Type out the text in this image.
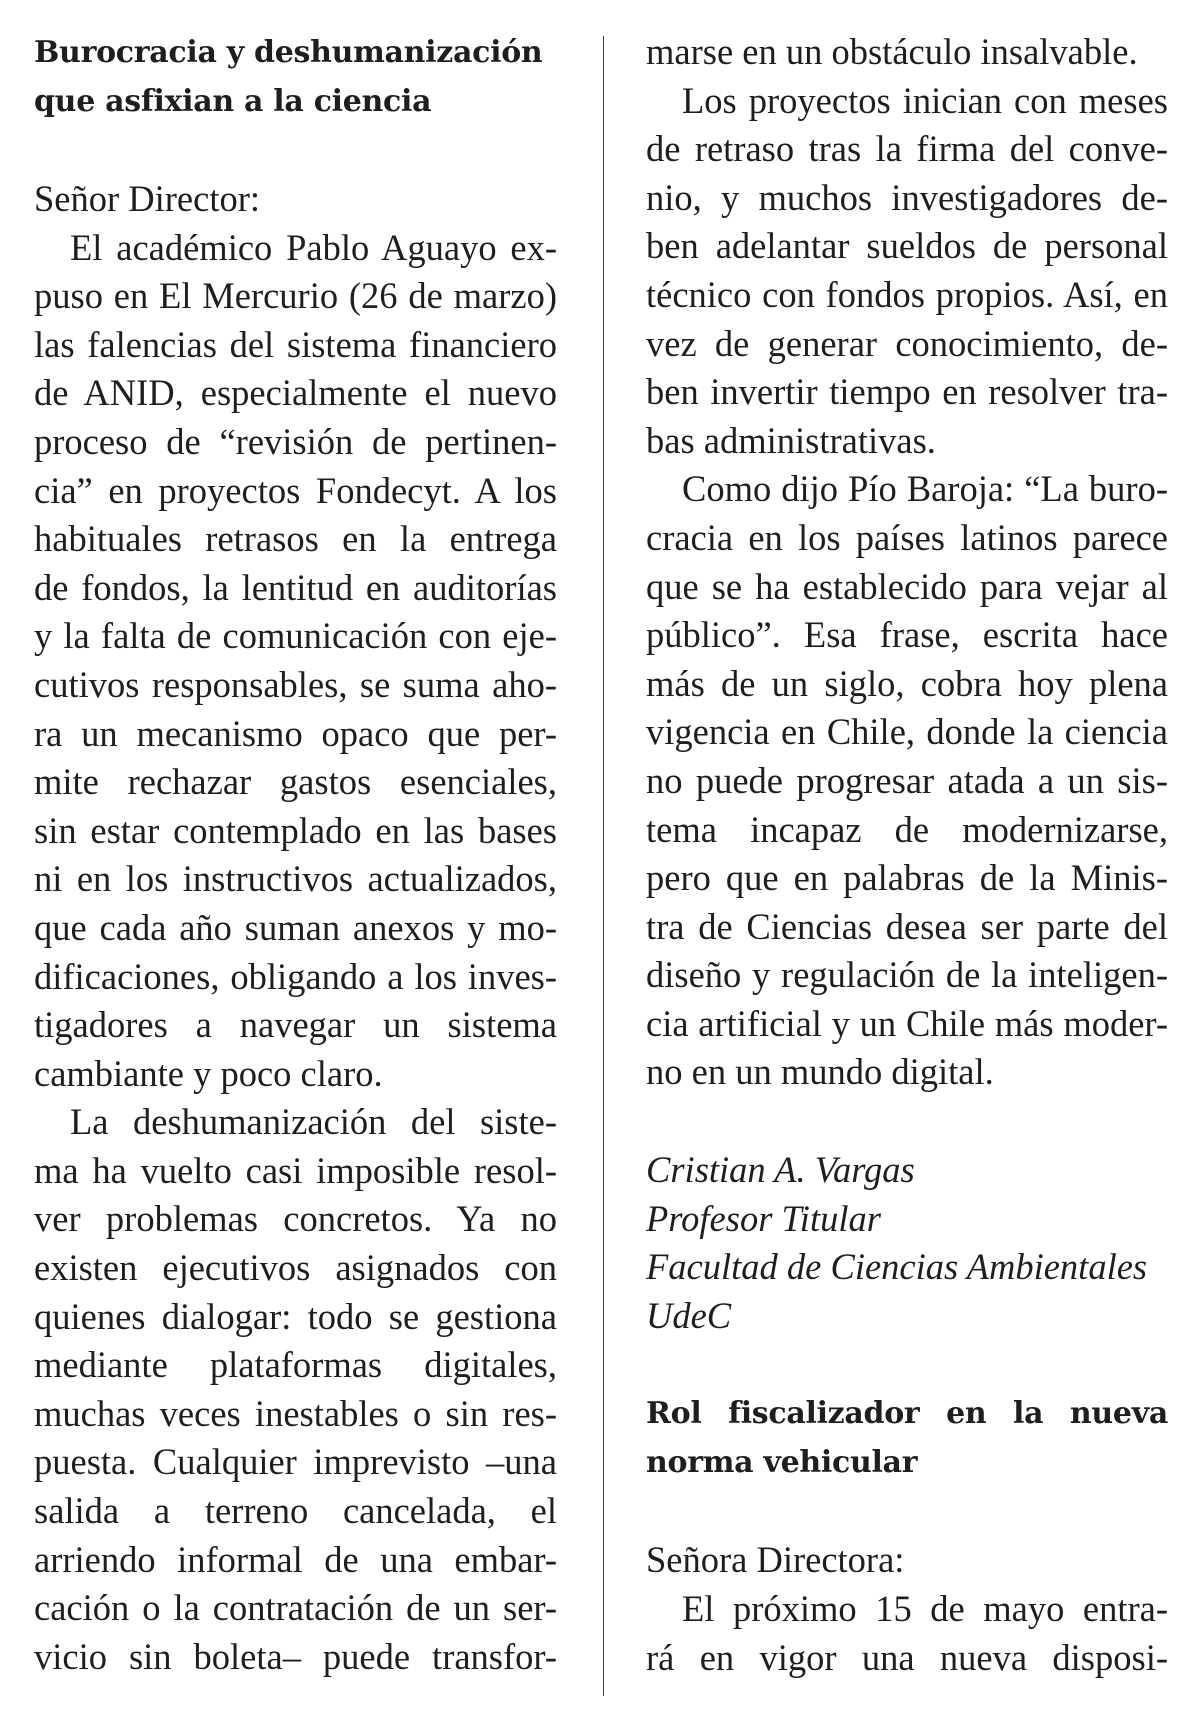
Burocracia y deshumanización
que asfixian a la ciencia

Señor Director:

El académico Pablo Aguayo ex-
puso en El Mercurio (26 de marzo)
las falencias del sistema financiero
de ANID, especialmente el nuevo
proceso de “revisión de pertinen-
cia” en proyectos Fondecyt. A los
habituales retrasos en la entrega
de fondos, la lentitud en auditorías
y la falta de comunicación con eje-
cutivos responsables, se suma aho-
ra un mecanismo opaco que per-
mite rechazar gastos esenciales,
sin estar contemplado en las bases
ni en los instructivos actualizados,
que cada año suman anexos y mo-
dificaciones, obligando a los inves-
tigadores a navegar un sistema
cambiante y poco claro.

La deshumanización del siste-
ma ha vuelto casi imposible resol-
ver problemas concretos. Ya no
existen ejecutivos asignados con
quienes dialogar: todo se gestiona
mediante plataformas digitales,
muchas veces inestables o sin res-
puesta. Cualquier imprevisto –una
salida a terreno cancelada, el
arriendo informal de una embar-
cación o la contratación de un ser-
vicio sin boleta– puede transfor-

marse en un obstáculo insalvable.

Los proyectos inician con meses
de retraso tras la firma del conve-
nio, y muchos investigadores de-
ben adelantar sueldos de personal
técnico con fondos propios. Así, en
vez de generar conocimiento, de-
ben invertir tiempo en resolver tra-
bas administrativas.

Como dijo Pío Baroja: “La buro-
cracia en los países latinos parece
que se ha establecido para vejar al
público”. Esa frase, escrita hace
más de un siglo, cobra hoy plena
vigencia en Chile, donde la ciencia
no puede progresar atada a un sis-
tema incapaz de modernizarse,
pero que en palabras de la Minis-
tra de Ciencias desea ser parte del
diseño y regulación de la inteligen-
cia artificial y un Chile más moder-
no en un mundo digital.

Cristian A. Vargas

Profesor Titular

Facultad de Ciencias Ambientales

UdeC

Rol fiscalizador en la nueva
norma vehicular

Señora Directora:

El próximo 15 de mayo entra-
rá en vigor una nueva disposi-
